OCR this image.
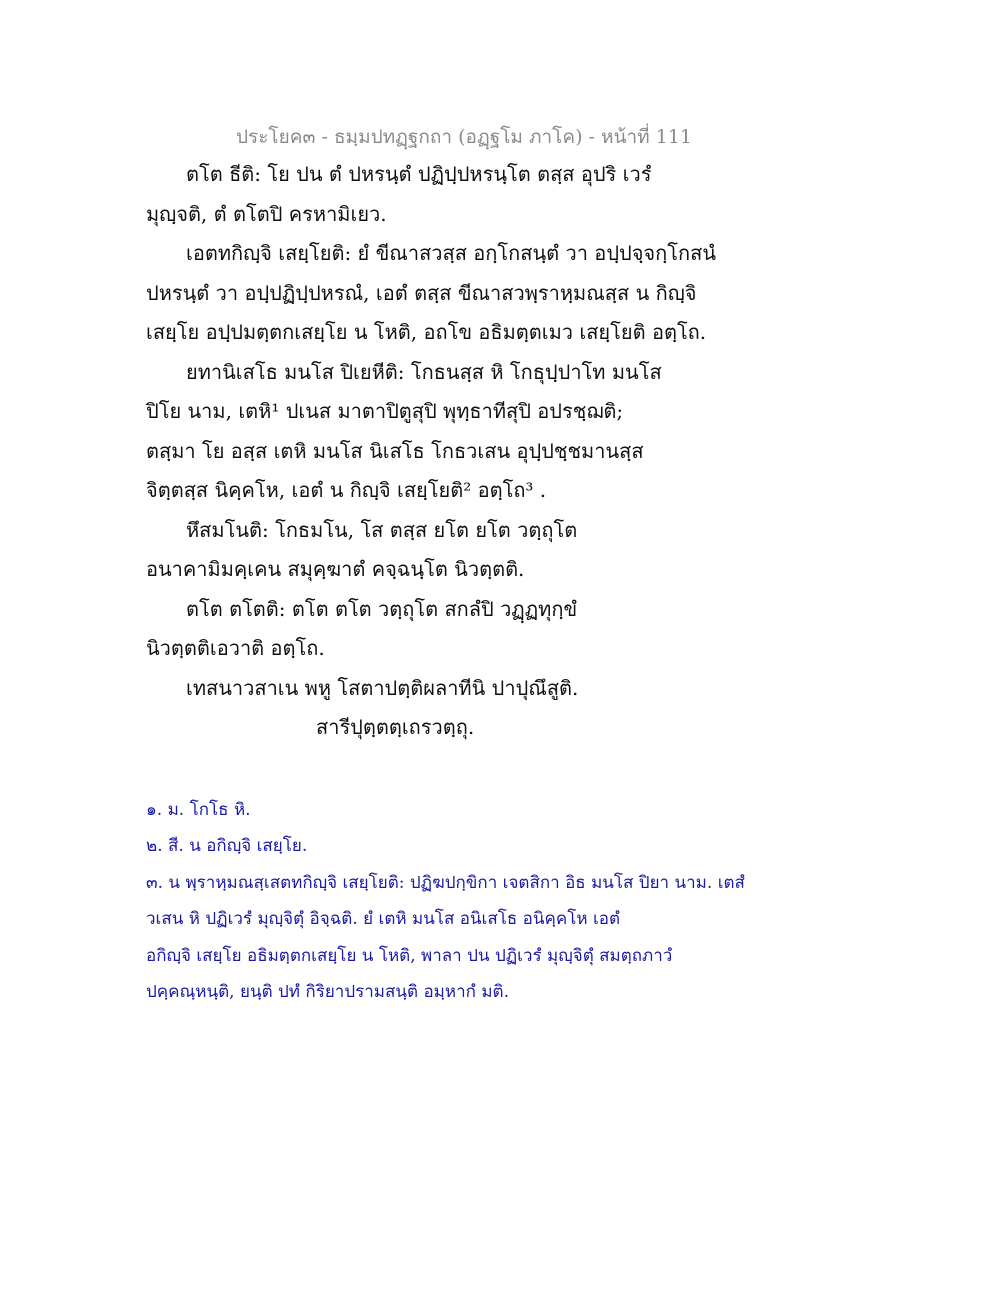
ประโยค๓ - ธมฺมปทฏฺฐกถา (อฏฺฐโม ภาโค) - หน้าที่ 111
ตโต ธีติ: โย ปน ตํ ปหรนฺตํ ปฏิปฺปหรนฺโต ตสฺส อุปริ เวรํ
มุญฺจติ, ตํ ตโตปิ ครหามิเยว.
เอตทกิญฺจิ เสยฺโยติ: ยํ ขีณาสวสฺส อกฺโกสนฺตํ วา อปฺปจฺจกฺโกสนํ
ปหรนฺตํ วา อปฺปฏิปฺปหรณํ, เอตํ ตสฺส ขีณาสวพฺราหฺมณสฺส น กิญฺจิ
เสยฺโย อปฺปมตฺตกเสยฺโย น โหติ, อถโข อธิมตฺตเมว เสยฺโยติ อตฺโถ.
ยทานิเสโธ มนโส ปิเยหีติ: โกธนสฺส หิ โกธุปฺปาโท มนโส
ปิโย นาม, เตหิ¹ ปเนส มาตาปิตูสุปิ พุทฺธาทีสุปิ อปรชฺฌติ;
ตสฺมา โย อสฺส เตหิ มนโส นิเสโธ โกธวเสน อุปฺปชฺชมานสฺส
จิตฺตสฺส นิคฺคโห, เอตํ น กิญฺจิ เสยฺโยติ² อตฺโถ³ .
หึสมโนติ: โกธมโน, โส ตสฺส ยโต ยโต วตฺถุโต
อนาคามิมคฺเคน สมุคฺฆาตํ คจฺฉนฺโต นิวตฺตติ.
ตโต ตโตติ: ตโต ตโต วตฺถุโต สกลํปิ วฏฺฏทุกฺขํ
นิวตฺตติเอวาติ อตฺโถ.
เทสนาวสาเน พหู โสตาปตฺติผลาทีนิ ปาปุณึสูติ.
สารีปุตฺตตฺเถรวตฺถุ.
๑. ม. โกโธ หิ.
๒. สี. น อกิญฺจิ เสยฺโย.
๓. น พฺราหฺมณสฺเสตทกิญฺจิ เสยฺโยติ: ปฏิฆปกฺขิกา เจตสิกา อิธ มนโส ปิยา นาม. เตสํ
วเสน หิ ปฏิเวรํ มุญฺจิตุํ อิจฺฉติ. ยํ เตหิ มนโส อนิเสโธ อนิคฺคโห เอตํ
อกิญฺจิ เสยฺโย อธิมตฺตกเสยฺโย น โหติ, พาลา ปน ปฏิเวรํ มุญฺจิตุํ สมตฺถภาวํ
ปคฺคณฺหนฺติ, ยนฺติ ปทํ กิริยาปรามสนฺติ อมฺหากํ มติ.
